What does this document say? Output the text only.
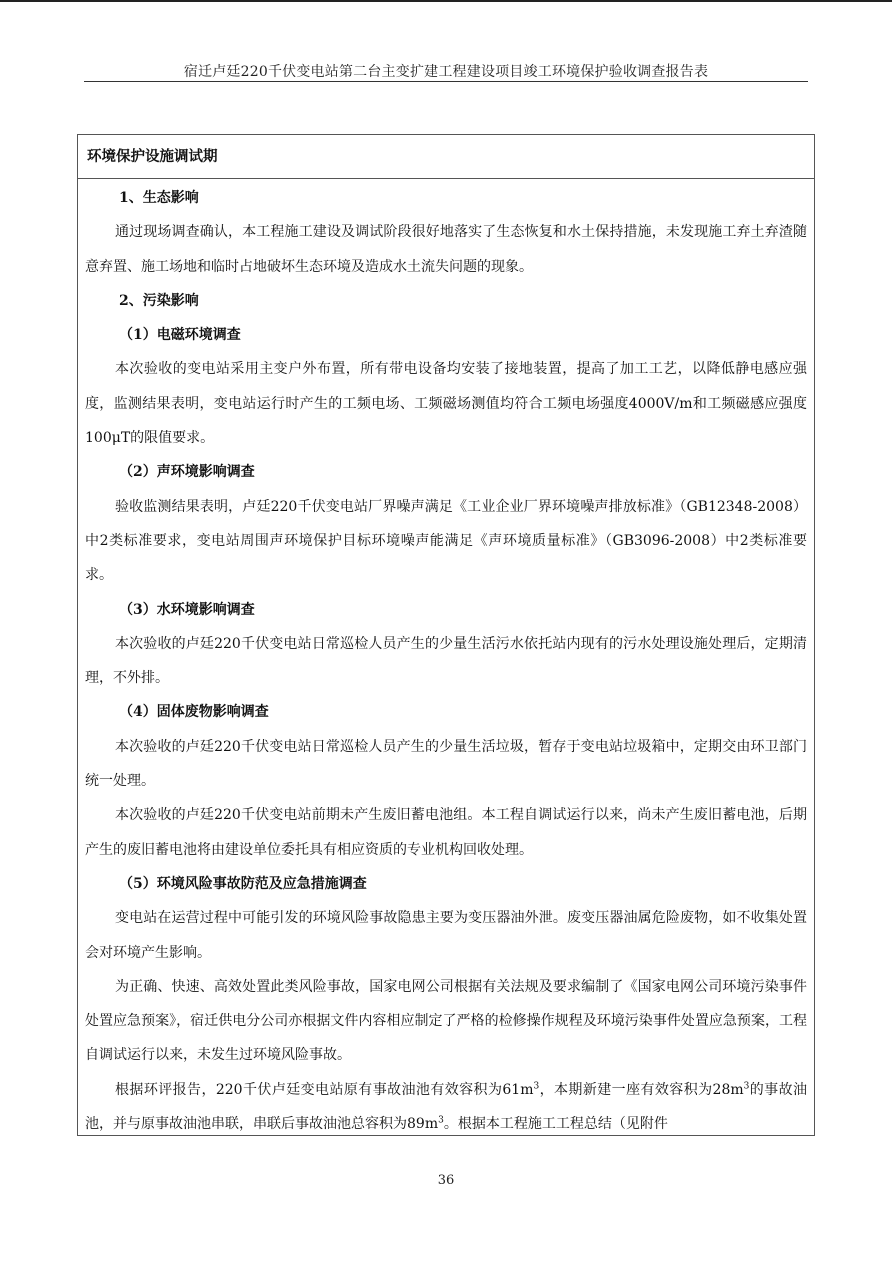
宿迁卢廷220千伏变电站第二台主变扩建工程建设项目竣工环境保护验收调查报告表
环境保护设施调试期
1、生态影响

通过现场调查确认，本工程施工建设及调试阶段很好地落实了生态恢复和水土保持措施，未发现施工弃土弃渣随意弃置、施工场地和临时占地破坏生态环境及造成水土流失问题的现象。

2、污染影响
（1）电磁环境调查

本次验收的变电站采用主变户外布置，所有带电设备均安装了接地装置，提高了加工工艺，以降低静电感应强度，监测结果表明，变电站运行时产生的工频电场、工频磁场测值均符合工频电场强度4000V/m和工频磁感应强度100μT的限值要求。

（2）声环境影响调查

验收监测结果表明，卢廷220千伏变电站厂界噪声满足《工业企业厂界环境噪声排放标准》（GB12348-2008）中2类标准要求，变电站周围声环境保护目标环境噪声能满足《声环境质量标准》（GB3096-2008）中2类标准要求。

（3）水环境影响调查

本次验收的卢廷220千伏变电站日常巡检人员产生的少量生活污水依托站内现有的污水处理设施处理后，定期清理，不外排。

（4）固体废物影响调查

本次验收的卢廷220千伏变电站日常巡检人员产生的少量生活垃圾，暂存于变电站垃圾箱中，定期交由环卫部门统一处理。

本次验收的卢廷220千伏变电站前期未产生废旧蓄电池组。本工程自调试运行以来，尚未产生废旧蓄电池，后期产生的废旧蓄电池将由建设单位委托具有相应资质的专业机构回收处理。

（5）环境风险事故防范及应急措施调查

变电站在运营过程中可能引发的环境风险事故隐患主要为变压器油外泄。废变压器油属危险废物，如不收集处置会对环境产生影响。

为正确、快速、高效处置此类风险事故，国家电网公司根据有关法规及要求编制了《国家电网公司环境污染事件处置应急预案》，宿迁供电分公司亦根据文件内容相应制定了严格的检修操作规程及环境污染事件处置应急预案，工程自调试运行以来，未发生过环境风险事故。

根据环评报告，220千伏卢廷变电站原有事故油池有效容积为$61m^3$，本期新建一座有效容积为$28m^3$的事故油池，并与原事故油池串联，串联后事故油池总容积为$89m^3$。根据本工程施工工程总结（见附件

36
